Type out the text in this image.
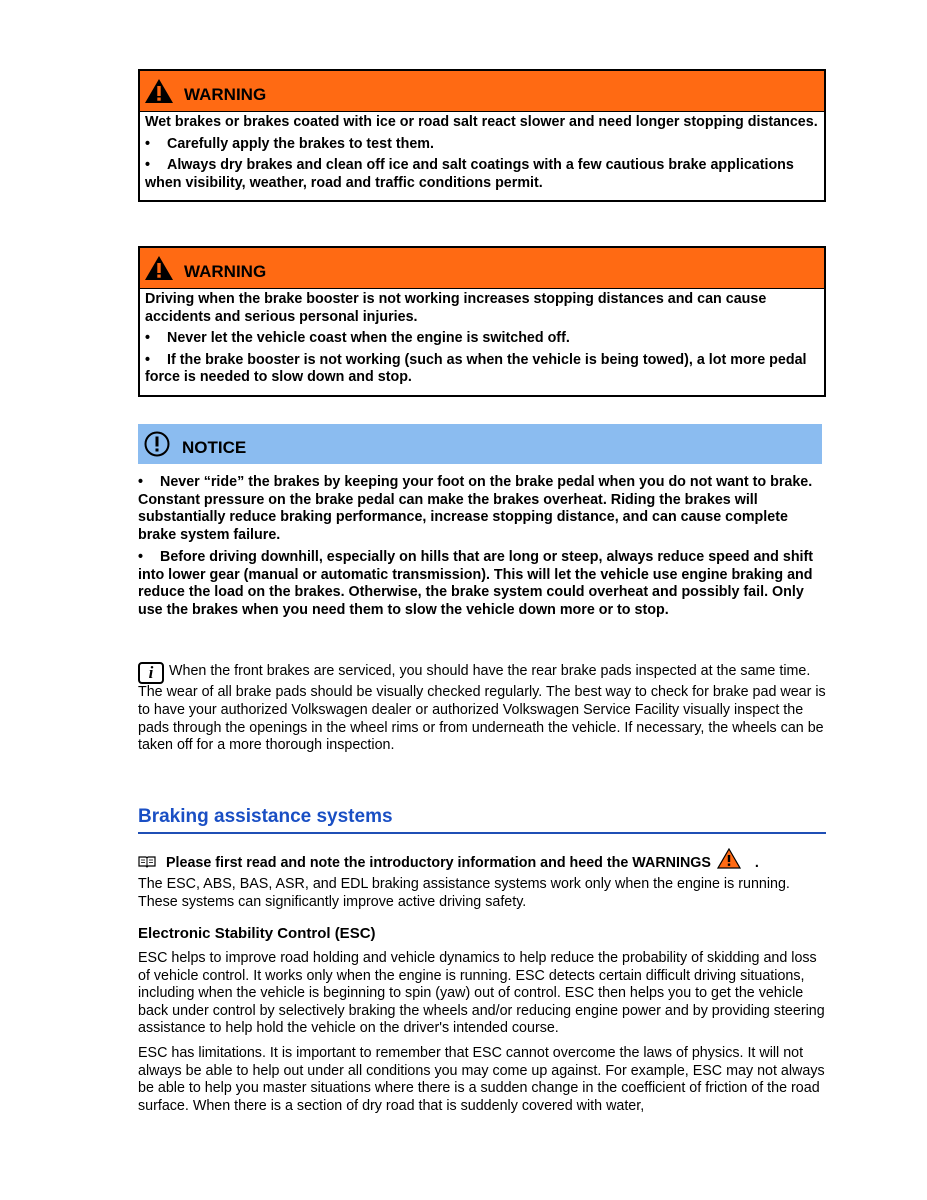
WARNING

Wet brakes or brakes coated with ice or road salt react slower and need longer stopping distances.

• Carefully apply the brakes to test them.

• Always dry brakes and clean off ice and salt coatings with a few cautious brake applications when visibility, weather, road and traffic conditions permit.

WARNING

Driving when the brake booster is not working increases stopping distances and can cause accidents and serious personal injuries.

• Never let the vehicle coast when the engine is switched off.

• If the brake booster is not working (such as when the vehicle is being towed), a lot more pedal force is needed to slow down and stop.

NOTICE

• Never “ride” the brakes by keeping your foot on the brake pedal when you do not want to brake. Constant pressure on the brake pedal can make the brakes overheat. Riding the brakes will substantially reduce braking performance, increase stopping distance, and can cause complete brake system failure.

• Before driving downhill, especially on hills that are long or steep, always reduce speed and shift into lower gear (manual or automatic transmission). This will let the vehicle use engine braking and reduce the load on the brakes. Otherwise, the brake system could overheat and possibly fail. Only use the brakes when you need them to slow the vehicle down more or to stop.

i When the front brakes are serviced, you should have the rear brake pads inspected at the same time. The wear of all brake pads should be visually checked regularly. The best way to check for brake pad wear is to have your authorized Volkswagen dealer or authorized Volkswagen Service Facility visually inspect the pads through the openings in the wheel rims or from underneath the vehicle. If necessary, the wheels can be taken off for a more thorough inspection.
Braking assistance systems
Please first read and note the introductory information and heed the WARNINGS	.

The ESC, ABS, BAS, ASR, and EDL braking assistance systems work only when the engine is running. These systems can significantly improve active driving safety.

Electronic Stability Control (ESC)

ESC helps to improve road holding and vehicle dynamics to help reduce the probability of skidding and loss of vehicle control. It works only when the engine is running. ESC detects certain difficult driving situations, including when the vehicle is beginning to spin (yaw) out of control. ESC then helps you to get the vehicle back under control by selectively braking the wheels and/or reducing engine power and by providing steering assistance to help hold the vehicle on the driver's intended course.

ESC has limitations. It is important to remember that ESC cannot overcome the laws of physics. It will not always be able to help out under all conditions you may come up against. For example, ESC may not always be able to help you master situations where there is a sudden change in the coefficient of friction of the road surface. When there is a section of dry road that is suddenly covered with water,
